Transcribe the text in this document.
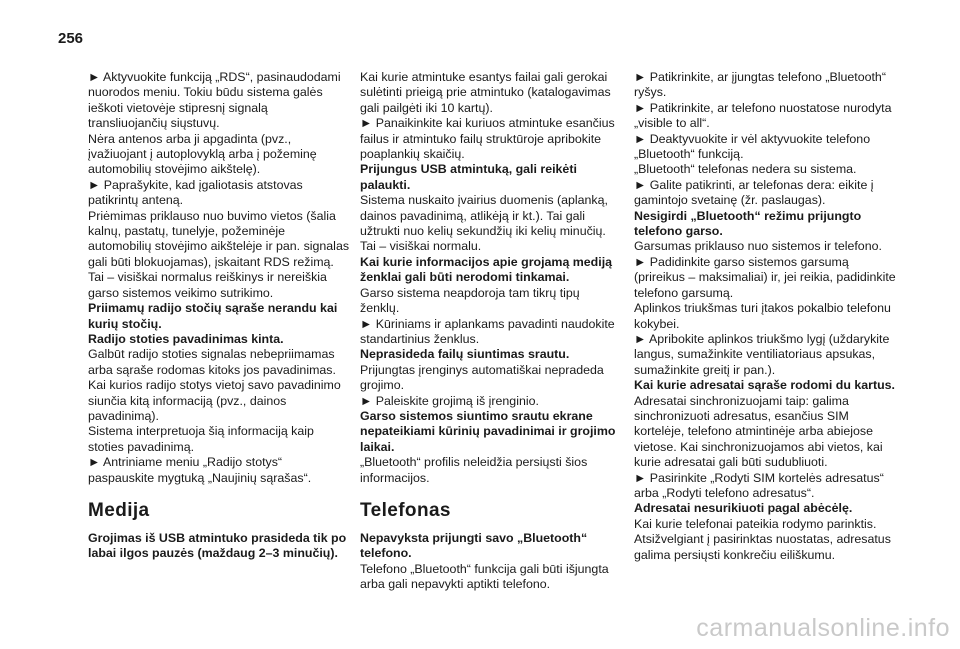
256
► Aktyvuokite funkciją „RDS“, pasinaudodami nuorodos meniu. Tokiu būdu sistema galės ieškoti vietovėje stipresnį signalą transliuojančių siųstuvų.
Nėra antenos arba ji apgadinta (pvz., įvažiuojant į autoplovyklą arba į požeminę automobilių stovėjimo aikštelę).
► Paprašykite, kad įgaliotasis atstovas patikrintų anteną.
Priėmimas priklauso nuo buvimo vietos (šalia kalnų, pastatų, tunelyje, požeminėje automobilių stovėjimo aikštelėje ir pan. signalas gali būti blokuojamas), įskaitant RDS režimą.
Tai – visiškai normalus reiškinys ir nereiškia garso sistemos veikimo sutrikimo.
Priimamų radijo stočių sąraše nerandu kai kurių stočių.
Radijo stoties pavadinimas kinta.
Galbūt radijo stoties signalas nebepriimamas arba sąraše rodomas kitoks jos pavadinimas.
Kai kurios radijo stotys vietoj savo pavadinimo siunčia kitą informaciją (pvz., dainos pavadinimą).
Sistema interpretuoja šią informaciją kaip stoties pavadinimą.
► Antriniame meniu „Radijo stotys“ paspauskite mygtuką „Naujinių sąrašas“.
Medija
Grojimas iš USB atmintuko prasideda tik po labai ilgos pauzės (maždaug 2–3 minučių).
Kai kurie atmintuke esantys failai gali gerokai sulėtinti prieigą prie atmintuko (katalogavimas gali pailgėti iki 10 kartų).
► Panaikinkite kai kuriuos atmintuke esančius failus ir atmintuko failų struktūroje apribokite poaplankių skaičių.
Prijungus USB atmintuką, gali reikėti palaukti.
Sistema nuskaito įvairius duomenis (aplanką, dainos pavadinimą, atlikėją ir kt.). Tai gali užtrukti nuo kelių sekundžių iki kelių minučių.
Tai – visiškai normalu.
Kai kurie informacijos apie grojamą mediją ženklai gali būti nerodomi tinkamai.
Garso sistema neapdoroja tam tikrų tipų ženklų.
► Kūriniams ir aplankams pavadinti naudokite standartinius ženklus.
Neprasideda failų siuntimas srautu.
Prijungtas įrenginys automatiškai nepradeda grojimo.
► Paleiskite grojimą iš įrenginio.
Garso sistemos siuntimo srautu ekrane nepateikiami kūrinių pavadinimai ir grojimo laikai.
„Bluetooth“ profilis neleidžia persiųsti šios informacijos.
Telefonas
Nepavyksta prijungti savo „Bluetooth“ telefono.
Telefono „Bluetooth“ funkcija gali būti išjungta arba gali nepavykti aptikti telefono.
► Patikrinkite, ar įjungtas telefono „Bluetooth“ ryšys.
► Patikrinkite, ar telefono nuostatose nurodyta „visible to all“.
► Deaktyvuokite ir vėl aktyvuokite telefono „Bluetooth“ funkciją.
„Bluetooth“ telefonas nedera su sistema.
► Galite patikrinti, ar telefonas dera: eikite į gamintojo svetainę (žr. paslaugas).
Nesigirdi „Bluetooth“ režimu prijungto telefono garso.
Garsumas priklauso nuo sistemos ir telefono.
► Padidinkite garso sistemos garsumą (prireikus – maksimaliai) ir, jei reikia, padidinkite telefono garsumą.
Aplinkos triukšmas turi įtakos pokalbio telefonu kokybei.
► Apribokite aplinkos triukšmo lygį (uždarykite langus, sumažinkite ventiliatoriaus apsukas, sumažinkite greitį ir pan.).
Kai kurie adresatai sąraše rodomi du kartus.
Adresatai sinchronizuojami taip: galima sinchronizuoti adresatus, esančius SIM kortelėje, telefono atmintinėje arba abiejose vietose. Kai sinchronizuojamos abi vietos, kai kurie adresatai gali būti sudubliuoti.
► Pasirinkite „Rodyti SIM kortelės adresatus“ arba „Rodyti telefono adresatus“.
Adresatai nesurikiuoti pagal abėcėlę.
Kai kurie telefonai pateikia rodymo parinktis. Atsižvelgiant į pasirinktas nuostatas, adresatus galima persiųsti konkrečiu eiliškumu.
carmanualsonline.info
